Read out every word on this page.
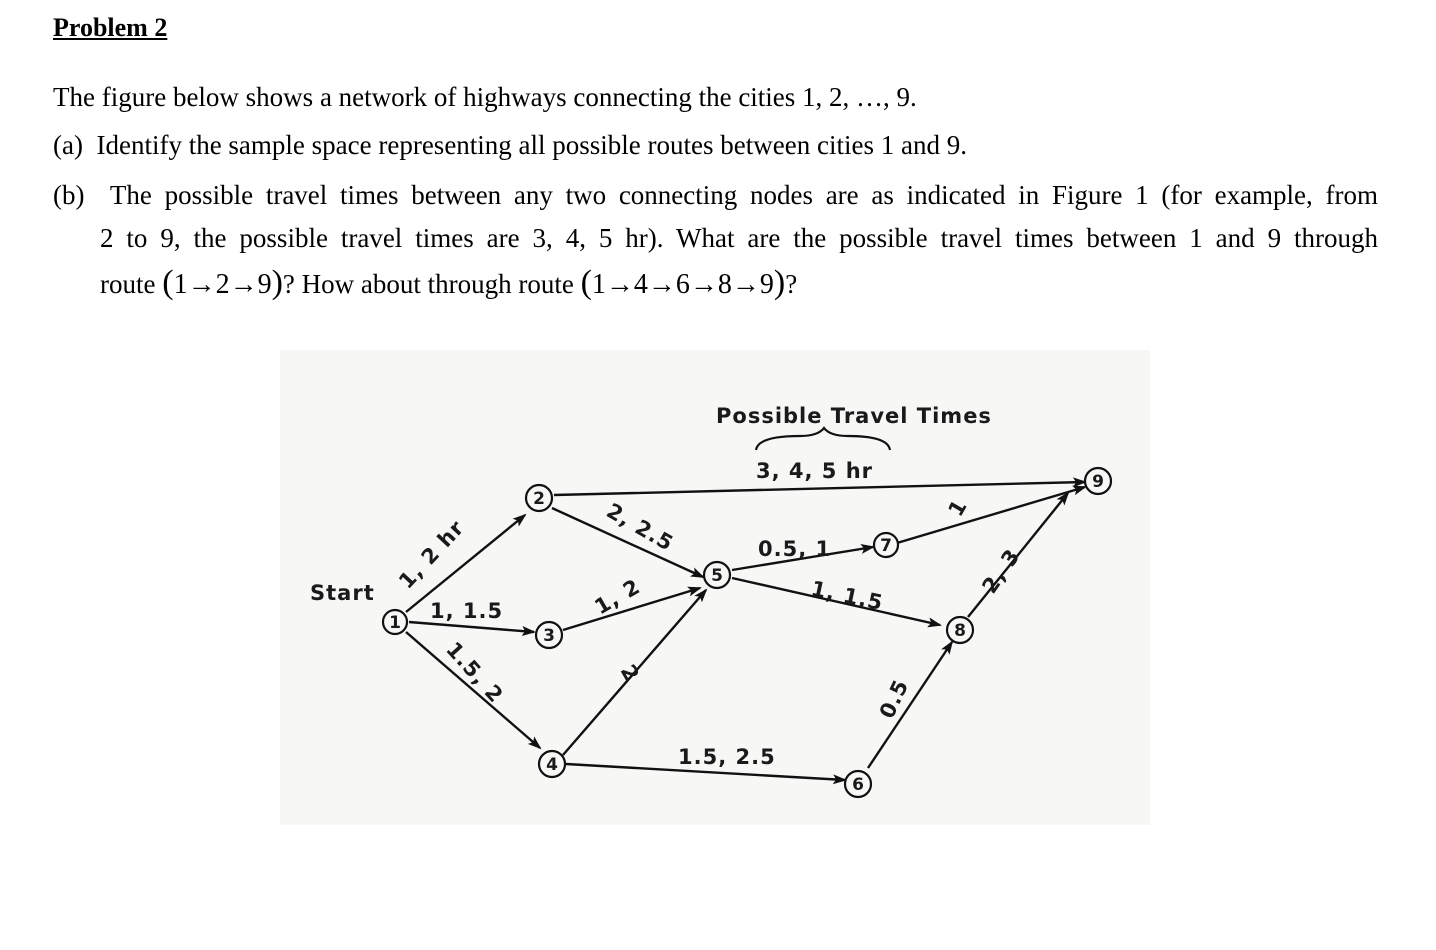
Problem 2

The figure below shows a network of highways connecting the cities 1, 2, …, 9.

(a) Identify the sample space representing all possible routes between cities 1 and 9.

(b) The possible travel times between any two connecting nodes are as indicated in Figure 1 (for example, from
2 to 9, the possible travel times are 3, 4, 5 hr). What are the possible travel times between 1 and 9 through
route (1→2→9)? How about through route (1→4→6→8→9)?
1
2
3
4
5
6
7
8
9
Possible Travel Times
3, 4, 5 hr
Start 1, 2 hr
1, 1.5
1.5, 2
2, 2.5
1, 2
2
1.5, 2.5
0.5, 1
1, 1.5
0.5
1
2, 3
